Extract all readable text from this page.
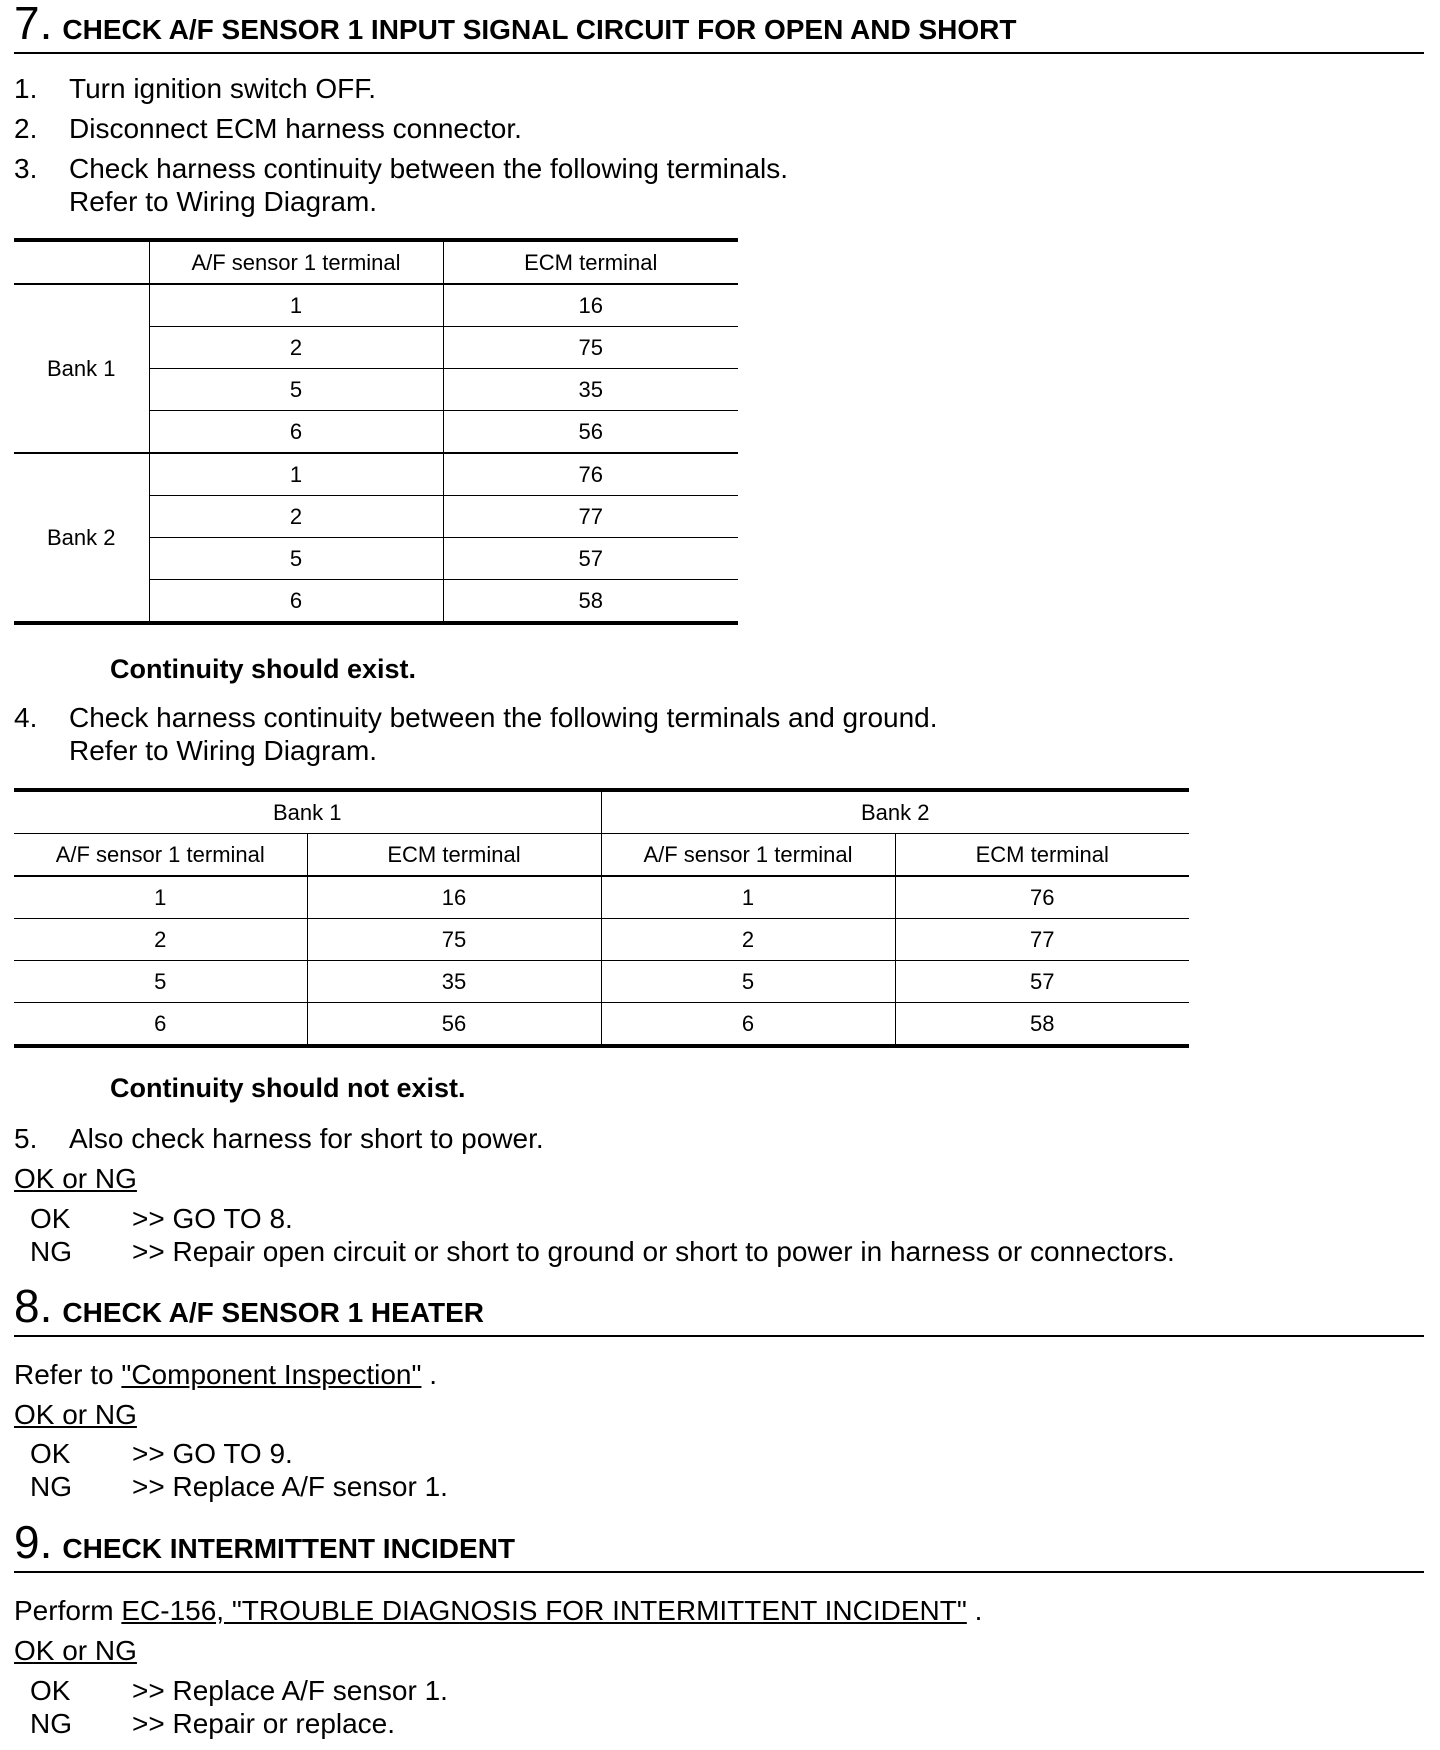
7. CHECK A/F SENSOR 1 INPUT SIGNAL CIRCUIT FOR OPEN AND SHORT
1.	Turn ignition switch OFF.
2.	Disconnect ECM harness connector.
3.	Check harness continuity between the following terminals.
Refer to Wiring Diagram.
	A/F sensor 1 terminal	ECM terminal
Bank 1	1	16
	2	75
	5	35
	6	56
Bank 2	1	76
	2	77
	5	57
	6	58
Continuity should exist.
4.	Check harness continuity between the following terminals and ground.
Refer to Wiring Diagram.
Bank 1		Bank 2	
A/F sensor 1 terminal	ECM terminal	A/F sensor 1 terminal	ECM terminal
1	16	1	76
2	75	2	77
5	35	5	57
6	56	6	58
Continuity should not exist.
5.	Also check harness for short to power.
OK or NG
OK	>> GO TO 8.
NG	>> Repair open circuit or short to ground or short to power in harness or connectors.
8. CHECK A/F SENSOR 1 HEATER
Refer to "Component Inspection" .
OK or NG
OK	>> GO TO 9.
NG	>> Replace A/F sensor 1.
9. CHECK INTERMITTENT INCIDENT
Perform EC-156, "TROUBLE DIAGNOSIS FOR INTERMITTENT INCIDENT" .
OK or NG
OK	>> Replace A/F sensor 1.
NG	>> Repair or replace.
